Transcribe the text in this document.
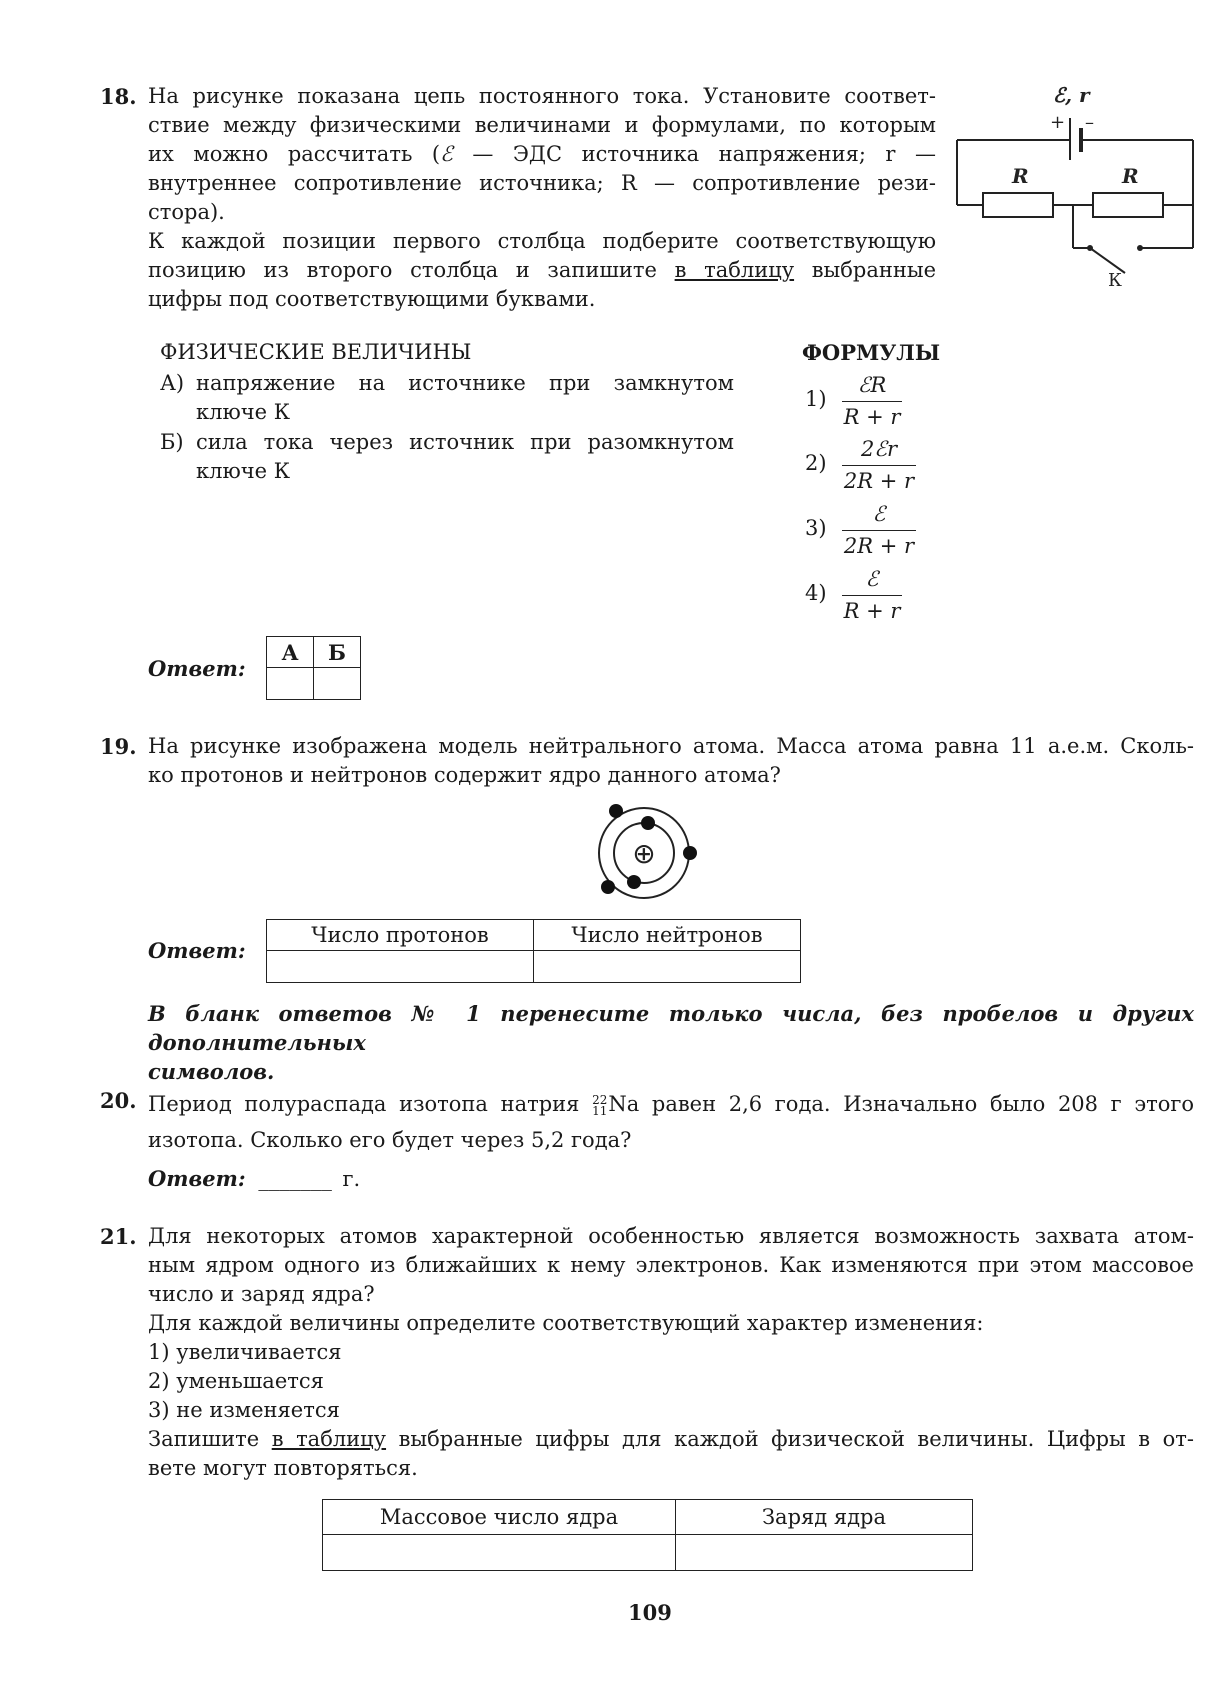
18. На рисунке показана цепь постоянного тока. Установите соответ-
ствие между физическими величинами и формулами, по которым
их можно рассчитать (ℰ — ЭДС источника напряжения; r —
внутреннее сопротивление источника; R — сопротивление рези-
стора).
К каждой позиции первого столбца подберите соответствующую
позицию из второго столбца и запишите в таблицу выбранные
цифры под соответствующими буквами.
ℰ, r
R	R
+ –
К
ФИЗИЧЕСКИЕ ВЕЛИЧИНЫ	ФОРМУЛЫ
А) напряжение на источнике при замкнутом
ключе К
Б) сила тока через источник при разомкнутом
ключе К
1)
ℰR
R + r
2)
2ℰr
2R + r
3)
ℰ
2R + r
4)
ℰ
R + r
Ответ:
А	Б

19. На рисунке изображена модель нейтрального атома. Масса атома равна 11 а.е.м. Сколь-
ко протонов и нейтронов содержит ядро данного атома?
⊕
Ответ:
Число протонов	Число нейтронов

В бланк ответов № 1 перенесите только числа, без пробелов и других дополнительных
символов.
20. Период полураспада изотопа натрия 22
11 Na равен 2,6 года. Изначально было 208 г этого
изотопа. Сколько его будет через 5,2 года?
Ответ: _______ г.
21. Для некоторых атомов характерной особенностью является возможность захвата атом-
ным ядром одного из ближайших к нему электронов. Как изменяются при этом массовое
число и заряд ядра?
Для каждой величины определите соответствующий характер изменения:
1) увеличивается
2) уменьшается
3) не изменяется
Запишите в таблицу выбранные цифры для каждой физической величины. Цифры в от-
вете могут повторяться.
Массовое число ядра	Заряд ядра

109
